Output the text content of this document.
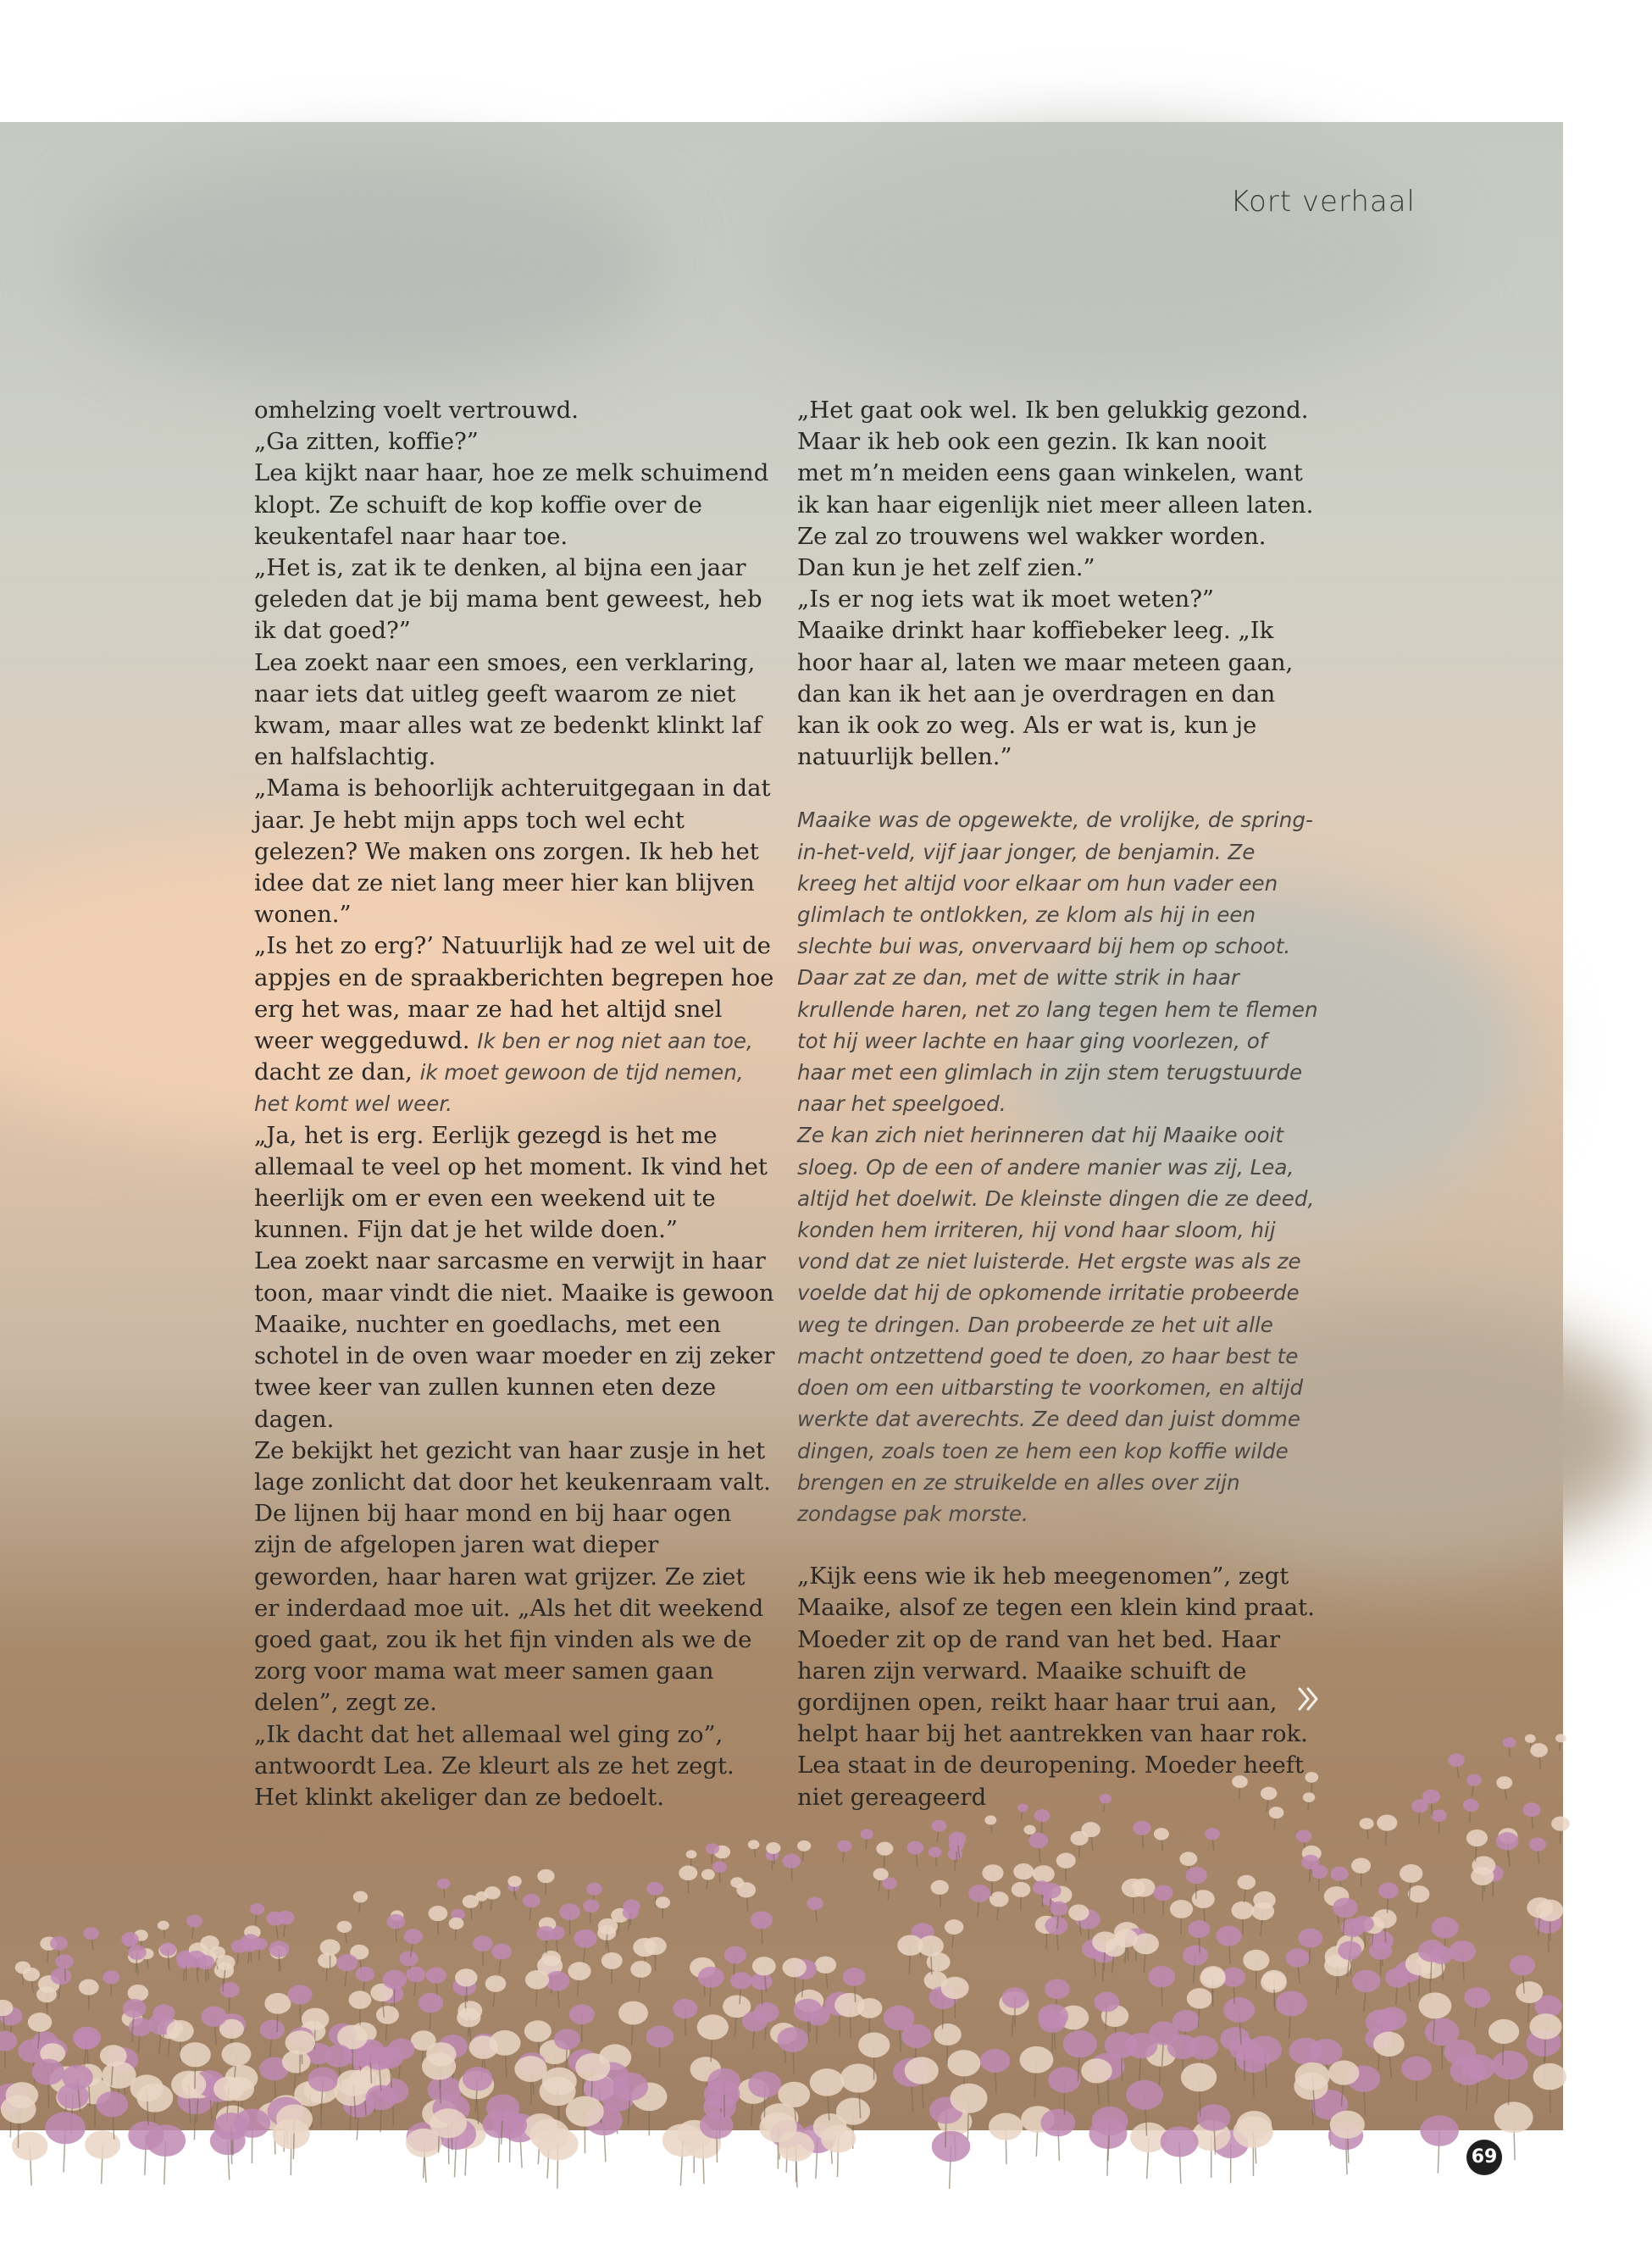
Kort verhaal

omhelzing voelt vertrouwd.

„Ga zitten, koffie?”

Lea kijkt naar haar, hoe ze melk schuimend klopt. Ze schuift de kop koffie over de keukentafel naar haar toe.

„Het is, zat ik te denken, al bijna een jaar geleden dat je bij mama bent geweest, heb ik dat goed?”

Lea zoekt naar een smoes, een verklaring, naar iets dat uitleg geeft waarom ze niet kwam, maar alles wat ze bedenkt klinkt laf en halfslachtig.

„Mama is behoorlijk achteruitgegaan in dat jaar. Je hebt mijn apps toch wel echt gelezen? We maken ons zorgen. Ik heb het idee dat ze niet lang meer hier kan blijven wonen.”

„Is het zo erg?’ Natuurlijk had ze wel uit de appjes en de spraakberichten begrepen hoe erg het was, maar ze had het altijd snel weer weggeduwd. Ik ben er nog niet aan toe, dacht ze dan, ik moet gewoon de tijd nemen, het komt wel weer.

„Ja, het is erg. Eerlijk gezegd is het me allemaal te veel op het moment. Ik vind het heerlijk om er even een weekend uit te kunnen. Fijn dat je het wilde doen.”

Lea zoekt naar sarcasme en verwijt in haar toon, maar vindt die niet. Maaike is gewoon Maaike, nuchter en goedlachs, met een schotel in de oven waar moeder en zij zeker twee keer van zullen kunnen eten deze dagen.

Ze bekijkt het gezicht van haar zusje in het lage zonlicht dat door het keukenraam valt. De lijnen bij haar mond en bij haar ogen zijn de afgelopen jaren wat dieper geworden, haar haren wat grijzer. Ze ziet er inderdaad moe uit. „Als het dit weekend goed gaat, zou ik het fijn vinden als we de zorg voor mama wat meer samen gaan delen”, zegt ze.

„Ik dacht dat het allemaal wel ging zo”, antwoordt Lea. Ze kleurt als ze het zegt. Het klinkt akeliger dan ze bedoelt.

„Het gaat ook wel. Ik ben gelukkig gezond. Maar ik heb ook een gezin. Ik kan nooit met m’n meiden eens gaan winkelen, want ik kan haar eigenlijk niet meer alleen laten. Ze zal zo trouwens wel wakker worden. Dan kun je het zelf zien.”

„Is er nog iets wat ik moet weten?”

Maaike drinkt haar koffiebeker leeg. „Ik hoor haar al, laten we maar meteen gaan, dan kan ik het aan je overdragen en dan kan ik ook zo weg. Als er wat is, kun je natuurlijk bellen.”

Maaike was de opgewekte, de vrolijke, de spring-in-het-veld, vijf jaar jonger, de benjamin. Ze kreeg het altijd voor elkaar om hun vader een glimlach te ontlokken, ze klom als hij in een slechte bui was, onvervaard bij hem op schoot. Daar zat ze dan, met de witte strik in haar krullende haren, net zo lang tegen hem te flemen tot hij weer lachte en haar ging voorlezen, of haar met een glimlach in zijn stem terugstuurde naar het speelgoed.

Ze kan zich niet herinneren dat hij Maaike ooit sloeg. Op de een of andere manier was zij, Lea, altijd het doelwit. De kleinste dingen die ze deed, konden hem irriteren, hij vond haar sloom, hij vond dat ze niet luisterde. Het ergste was als ze voelde dat hij de opkomende irritatie probeerde weg te dringen. Dan probeerde ze het uit alle macht ontzettend goed te doen, zo haar best te doen om een uitbarsting te voorkomen, en altijd werkte dat averechts. Ze deed dan juist domme dingen, zoals toen ze hem een kop koffie wilde brengen en ze struikelde en alles over zijn zondagse pak morste.

„Kijk eens wie ik heb meegenomen”, zegt Maaike, alsof ze tegen een klein kind praat. Moeder zit op de rand van het bed. Haar haren zijn verward. Maaike schuift de gordijnen open, reikt haar haar trui aan, helpt haar bij het aantrekken van haar rok. Lea staat in de deuropening. Moeder heeft niet gereageerd

69
